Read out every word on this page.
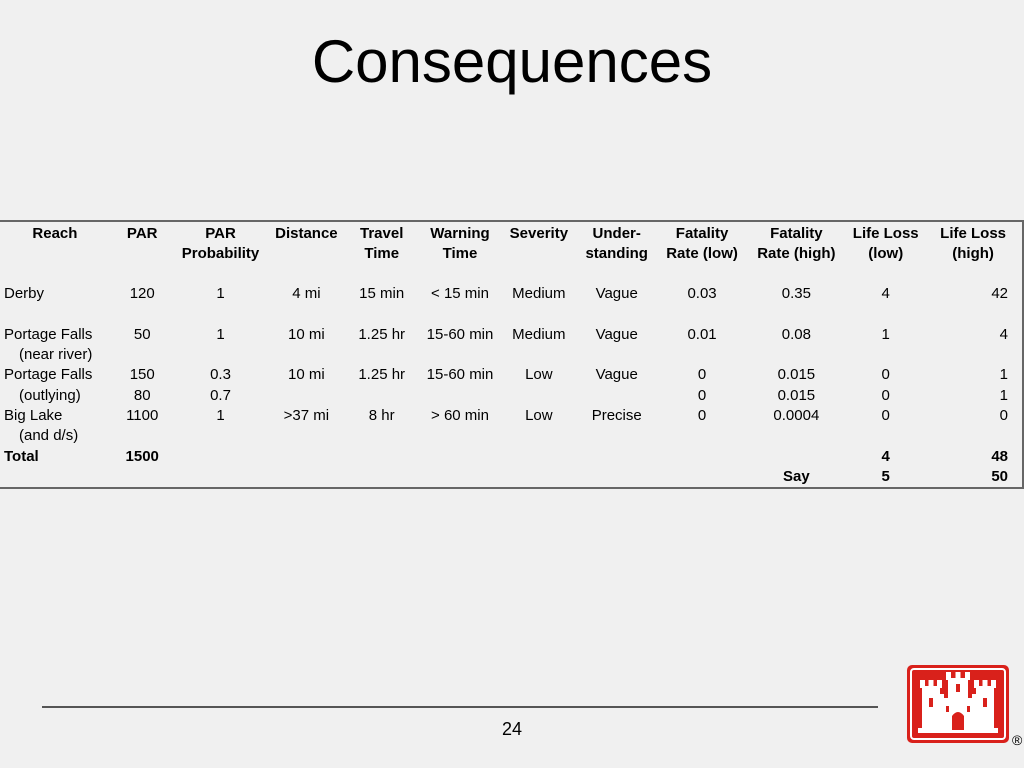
Consequences
Reach	PAR	PAR	Distance	Travel	Warning	Severity	Under-	Fatality	Fatality	Life Loss	Life Loss
		Probability		Time	Time		standing	Rate (low)	Rate (high)	(low)	(high)

Derby	120	1	4 mi	15 min	< 15 min	Medium	Vague	0.03	0.35	4	42

Portage Falls	50	1	10 mi	1.25 hr	15-60 min	Medium	Vague	0.01	0.08	1	4
(near river)											
Portage Falls	150	0.3	10 mi	1.25 hr	15-60 min	Low	Vague	0	0.015	0	1
(outlying)	80	0.7						0	0.015	0	1
Big Lake	1100	1	>37 mi	8 hr	> 60 min	Low	Precise	0	0.0004	0	0
(and d/s)											
Total	1500									4	48
									Say	5	50
24
®
